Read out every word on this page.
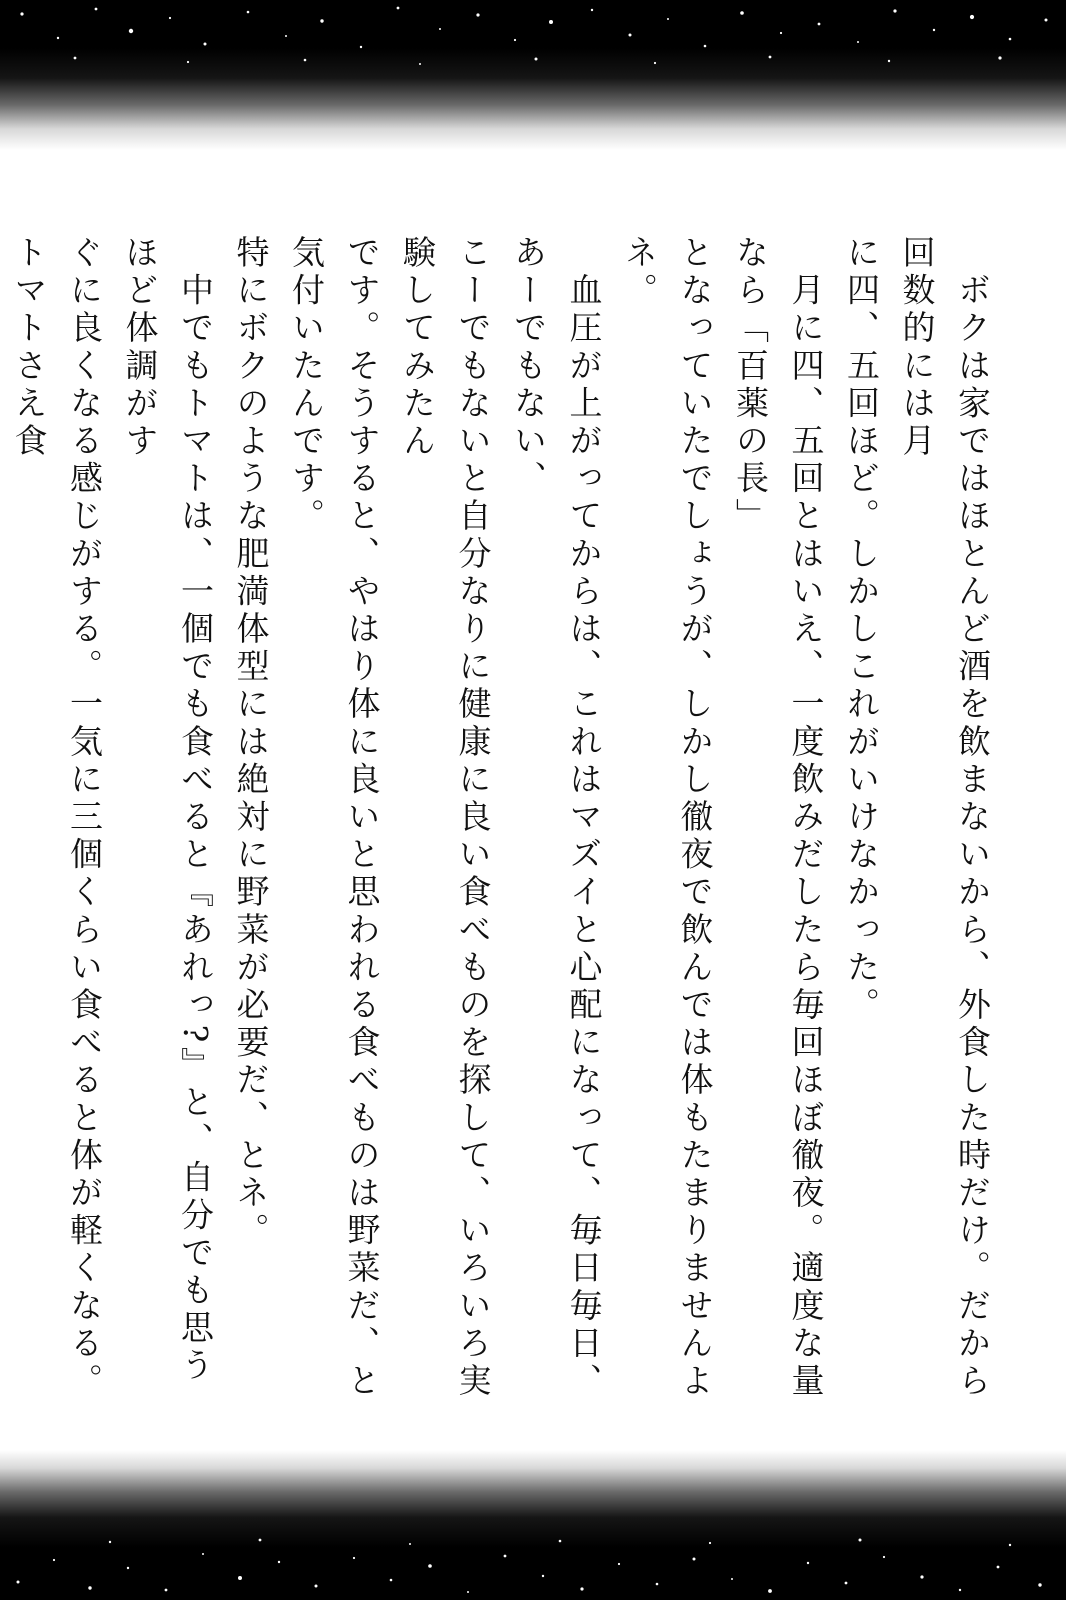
　ボクは家ではほとんど酒を飲まないから、外食した時だけ。だから回数的には月

に四、五回ほど。しかしこれがいけなかった。

　月に四、五回とはいえ、一度飲みだしたら毎回ほぼ徹夜。適度な量なら「百薬の長」

となっていたでしょうが、しかし徹夜で飲んでは体もたまりませんよネ。

　血圧が上がってからは、これはマズイと心配になって、毎日毎日、あーでもない、

こーでもないと自分なりに健康に良い食べものを探して、いろいろ実験してみたん

です。そうすると、やはり体に良いと思われる食べものは野菜だ、と気付いたんです。

特にボクのような肥満体型には絶対に野菜が必要だ、とネ。

　中でもトマトは、一個でも食べると『あれっ?』と、自分でも思うほど体調がす

ぐに良くなる感じがする。一気に三個くらい食べると体が軽くなる。トマトさえ食
